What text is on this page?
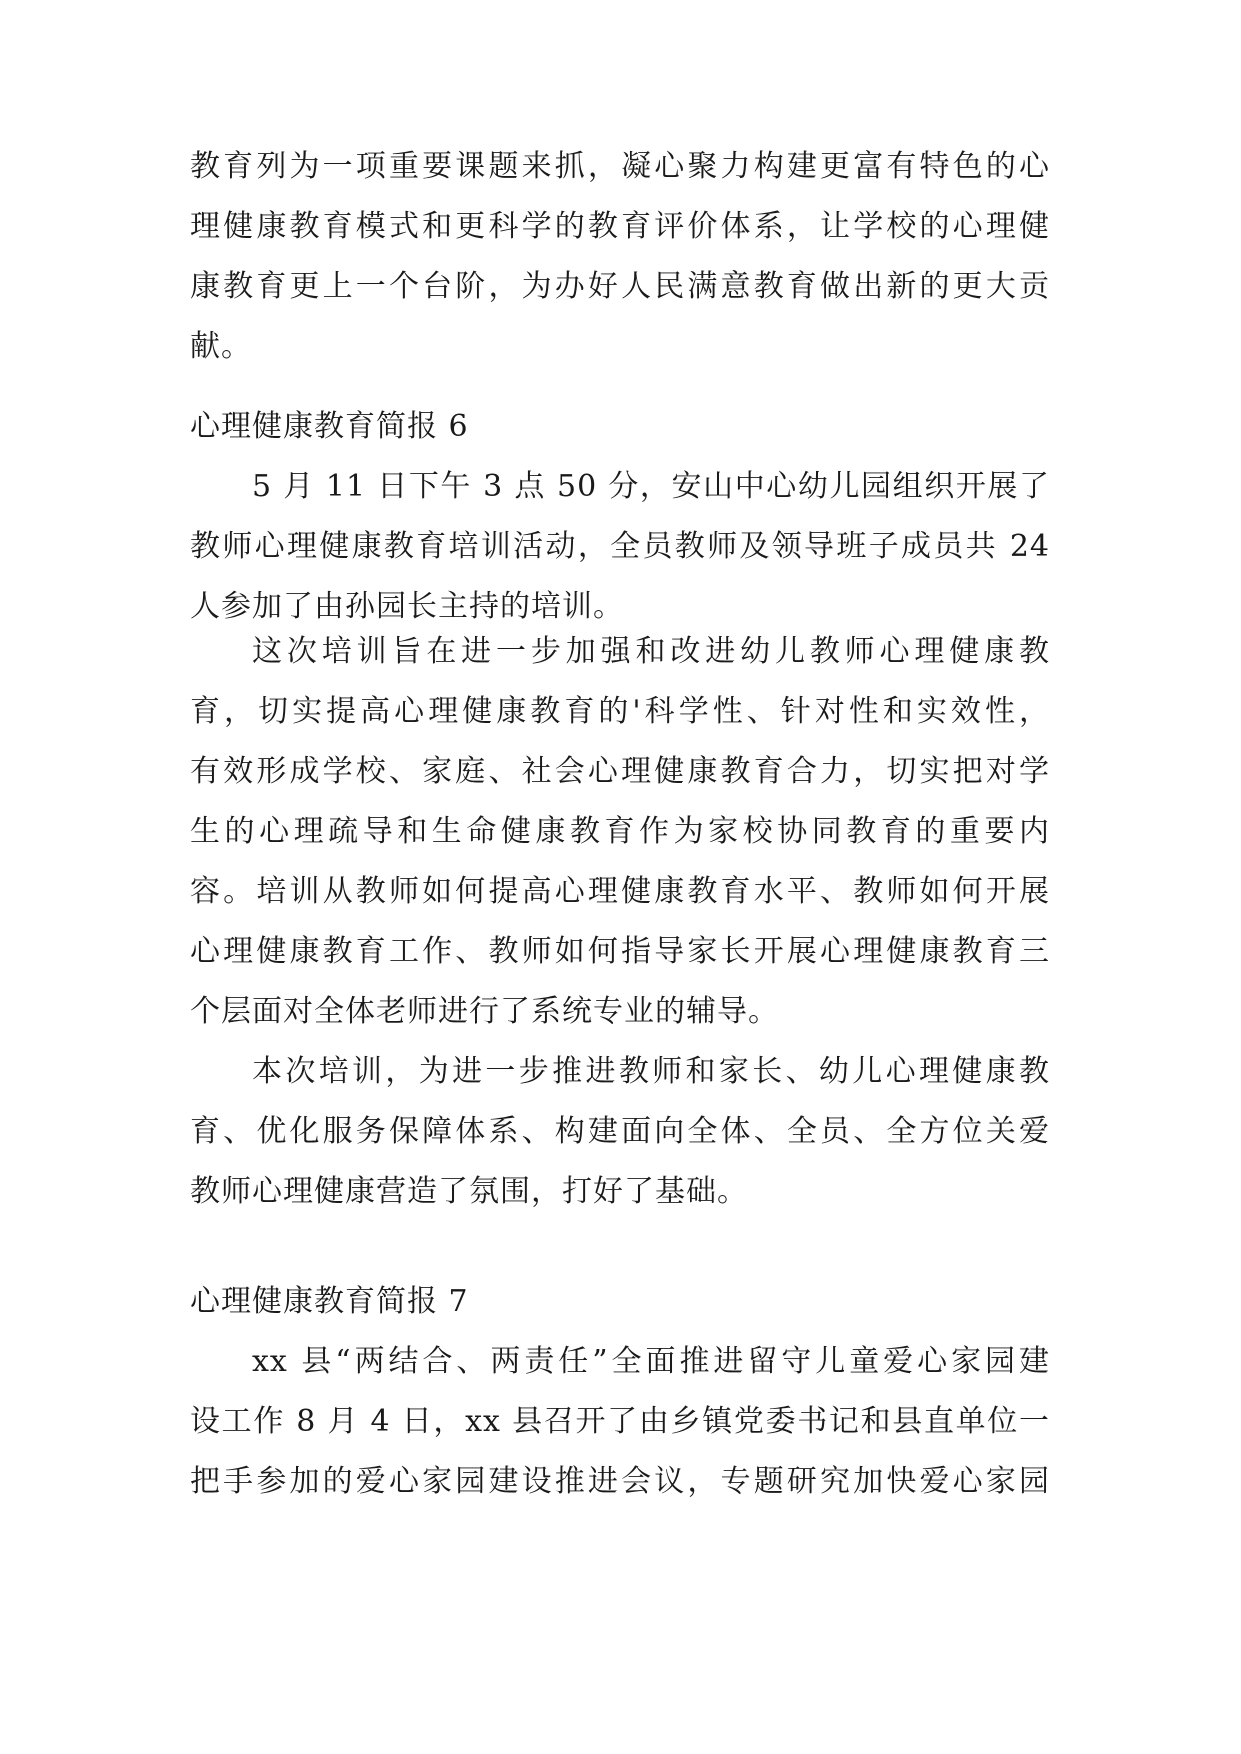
教育列为一项重要课题来抓，凝心聚力构建更富有特色的心
理健康教育模式和更科学的教育评价体系，让学校的心理健
康教育更上一个台阶，为办好人民满意教育做出新的更大贡
献。
心理健康教育简报 6
5 月 11 日下午 3 点 50 分，安山中心幼儿园组织开展了
教师心理健康教育培训活动，全员教师及领导班子成员共 24
人参加了由孙园长主持的培训。
这次培训旨在进一步加强和改进幼儿教师心理健康教
育，切实提高心理健康教育的'科学性、针对性和实效性，
有效形成学校、家庭、社会心理健康教育合力，切实把对学
生的心理疏导和生命健康教育作为家校协同教育的重要内
容。培训从教师如何提高心理健康教育水平、教师如何开展
心理健康教育工作、教师如何指导家长开展心理健康教育三
个层面对全体老师进行了系统专业的辅导。
本次培训，为进一步推进教师和家长、幼儿心理健康教
育、优化服务保障体系、构建面向全体、全员、全方位关爱
教师心理健康营造了氛围，打好了基础。
心理健康教育简报 7
xx 县“两结合、两责任”全面推进留守儿童爱心家园建
设工作 8 月 4 日，xx 县召开了由乡镇党委书记和县直单位一
把手参加的爱心家园建设推进会议，专题研究加快爱心家园
